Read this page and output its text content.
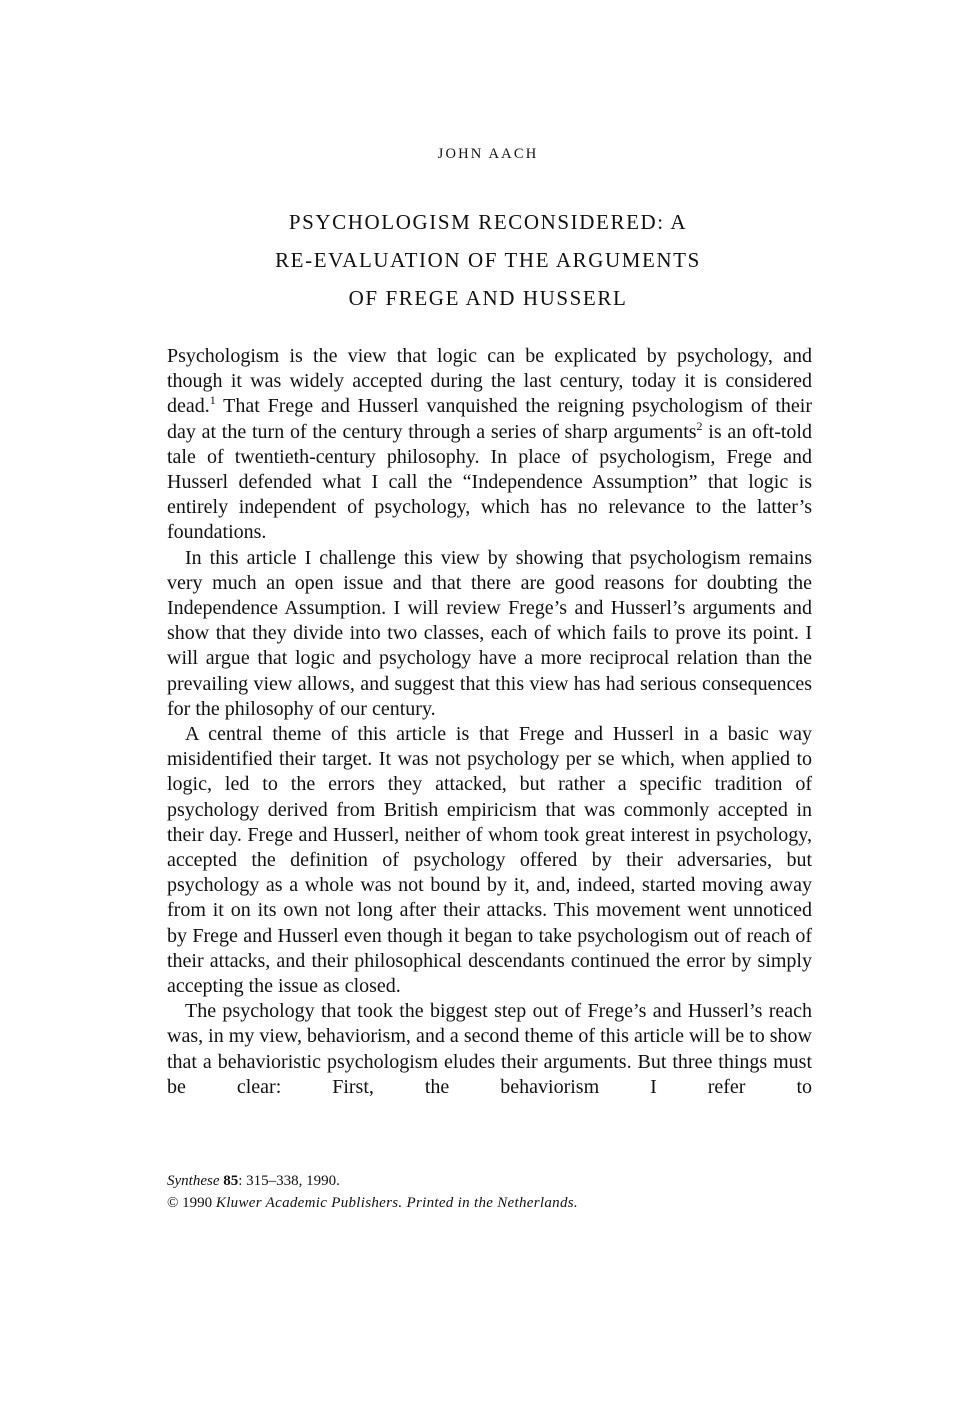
JOHN AACH
PSYCHOLOGISM RECONSIDERED: A
RE-EVALUATION OF THE ARGUMENTS
OF FREGE AND HUSSERL

Psychologism is the view that logic can be explicated by psychology, and though it was widely accepted during the last century, today it is considered dead.$^1$ That Frege and Husserl vanquished the reigning psychologism of their day at the turn of the century through a series of sharp arguments$^2$ is an oft-told tale of twentieth-century philosophy. In place of psychologism, Frege and Husserl defended what I call the “Independence Assumption” that logic is entirely independent of psychology, which has no relevance to the latter’s foundations.

In this article I challenge this view by showing that psychologism remains very much an open issue and that there are good reasons for doubting the Independence Assumption. I will review Frege’s and Husserl’s arguments and show that they divide into two classes, each of which fails to prove its point. I will argue that logic and psychology have a more reciprocal relation than the prevailing view allows, and suggest that this view has had serious consequences for the philosophy of our century.

A central theme of this article is that Frege and Husserl in a basic way misidentified their target. It was not psychology per se which, when applied to logic, led to the errors they attacked, but rather a specific tradition of psychology derived from British empiricism that was commonly accepted in their day. Frege and Husserl, neither of whom took great interest in psychology, accepted the definition of psychology offered by their adversaries, but psychology as a whole was not bound by it, and, indeed, started moving away from it on its own not long after their attacks. This movement went unnoticed by Frege and Husserl even though it began to take psychologism out of reach of their attacks, and their philosophical descendants continued the error by simply accepting the issue as closed.

The psychology that took the biggest step out of Frege’s and Husserl’s reach was, in my view, behaviorism, and a second theme of this article will be to show that a behavioristic psychologism eludes their arguments. But three things must be clear: First, the behaviorism I refer to

Synthese 85: 315–338, 1990.
© 1990 Kluwer Academic Publishers. Printed in the Netherlands.
